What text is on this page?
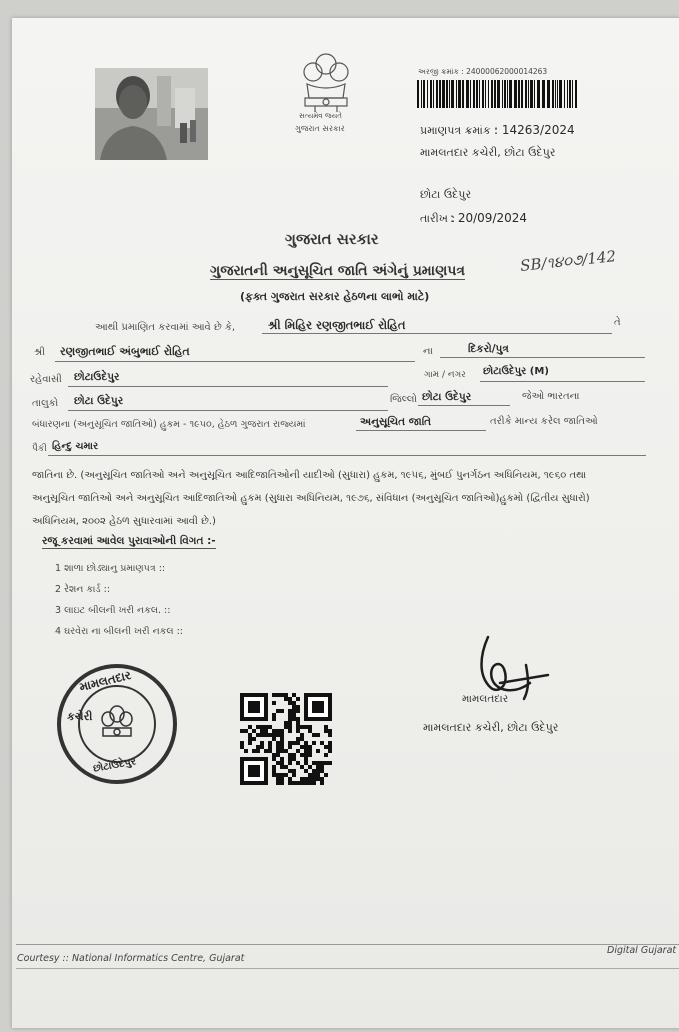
સત્યમેવ જયતે
ગુજરાત સરકાર
અરજી ક્રમાંક : 24000062000014263
પ્રમાણપત્ર ક્રમાંક :
: 14263/2024
મામલતદાર કચેરી, છોટા ઉદેપુર
છોટા ઉદેપુર
તારીખ :
: 20/09/2024
ગુજરાત સરકાર
ગુજરાતની અનુસૂચિત જાતિ અંગેનું પ્રમાણપત્ર	SB/૧૪૦૭/142
(ફક્ત ગુજરાત સરકાર હેઠળના લાભો માટે)
આથી પ્રમાણિત કરવામાં આવે છે કે,	શ્રી મિહિર રણજીતભાઈ રોહિત	તે
શ્રી રણજીતભાઈ અંબુભાઈ રોહિત	ના	દિકરો/પુત્ર
રહેવાસી છોટાઉદેપુર	ગામ / નગર છોટાઉદેપુર (M)
તાલુકો છોટા ઉદેપુર	જિલ્લો છોટા ઉદેપુર	જેઓ ભારતના
બંધારણના (અનુસૂચિત જાતિઓ) હુકમ - ૧૯૫૦, હેઠળ ગુજરાત રાજ્યમાં	અનુસૂચિત જાતિ	તરીકે માન્ય કરેલ જાતિઓ
પૈકી હિન્દુ ચમાર
જાતિના છે. (અનુસૂચિત જાતિઓ અને અનુસૂચિત આદિજાતિઓની યાદીઓ (સુધારા) હુકમ, ૧૯૫૬, મુંબઈ પુનર્ગઠન અધિનિયમ, ૧૯૬૦ તથા
અનુસૂચિત જાતિઓ અને અનુસૂચિત આદિજાતિઓ હુકમ (સુધારા અધિનિયમ, ૧૯૭૬, સંવિધાન (અનુસૂચિત જાતિઓ)હુકમો (દ્વિતીય સુધારો)
અધિનિયમ, ૨૦૦૨ હેઠળ સુધારવામાં આવી છે.)
રજૂ કરવામાં આવેલ પુરાવાઓની વિગત :-
1 શાળા છોડ્યાનુ પ્રમાણપત્ર ::
2 રેશન કાર્ડ ::
3 લાઇટ બીલની ખરી નકલ. ::
4 ઘરવેરા ના બીલની ખરી નકલ ::
મામલતદાર
કચેરી
છોટાઉદેપુર
મામલતદાર
મામલતદાર કચેરી, છોટા ઉદેપુર
Courtesy :: National Informatics Centre, Gujarat
Digital Gujarat
